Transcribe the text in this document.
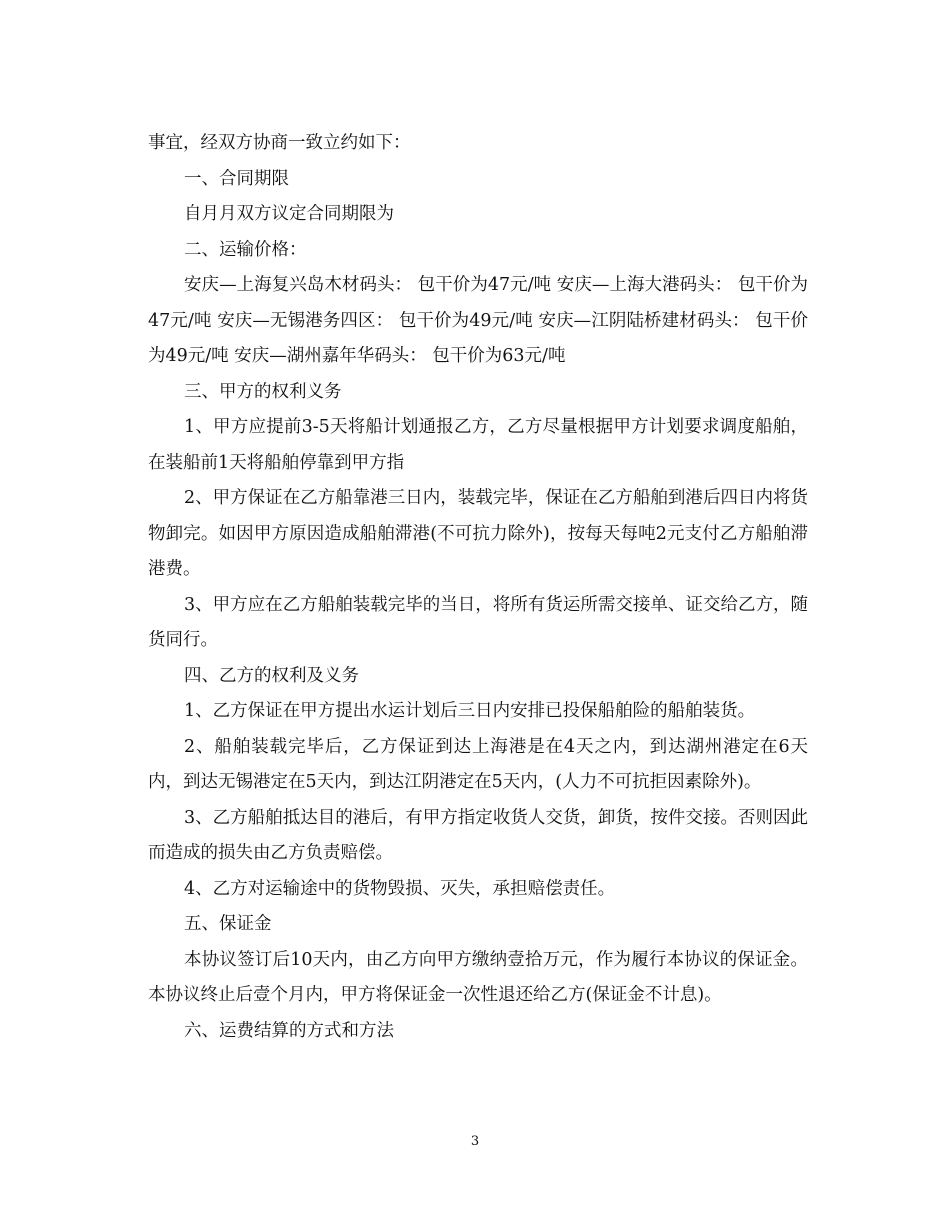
事宜，经双方协商一致立约如下：

一、合同期限

自月月双方议定合同期限为

二、运输价格：

安庆—上海复兴岛木材码头： 包干价为47元/吨 安庆—上海大港码头： 包干价为47元/吨 安庆—无锡港务四区： 包干价为49元/吨 安庆—江阴陆桥建材码头： 包干价为49元/吨 安庆—湖州嘉年华码头： 包干价为63元/吨

三、甲方的权利义务

1、甲方应提前3-5天将船计划通报乙方，乙方尽量根据甲方计划要求调度船舶，在装船前1天将船舶停靠到甲方指

2、甲方保证在乙方船靠港三日内，装载完毕，保证在乙方船舶到港后四日内将货物卸完。如因甲方原因造成船舶滞港(不可抗力除外)，按每天每吨2元支付乙方船舶滞港费。

3、甲方应在乙方船舶装载完毕的当日，将所有货运所需交接单、证交给乙方，随货同行。

四、乙方的权利及义务

1、乙方保证在甲方提出水运计划后三日内安排已投保船舶险的船舶装货。

2、船舶装载完毕后，乙方保证到达上海港是在4天之内，到达湖州港定在6天内，到达无锡港定在5天内，到达江阴港定在5天内，(人力不可抗拒因素除外)。

3、乙方船舶抵达目的港后，有甲方指定收货人交货，卸货，按件交接。否则因此而造成的损失由乙方负责赔偿。

4、乙方对运输途中的货物毁损、灭失，承担赔偿责任。

五、保证金

本协议签订后10天内，由乙方向甲方缴纳壹拾万元，作为履行本协议的保证金。本协议终止后壹个月内，甲方将保证金一次性退还给乙方(保证金不计息)。

六、运费结算的方式和方法

3
